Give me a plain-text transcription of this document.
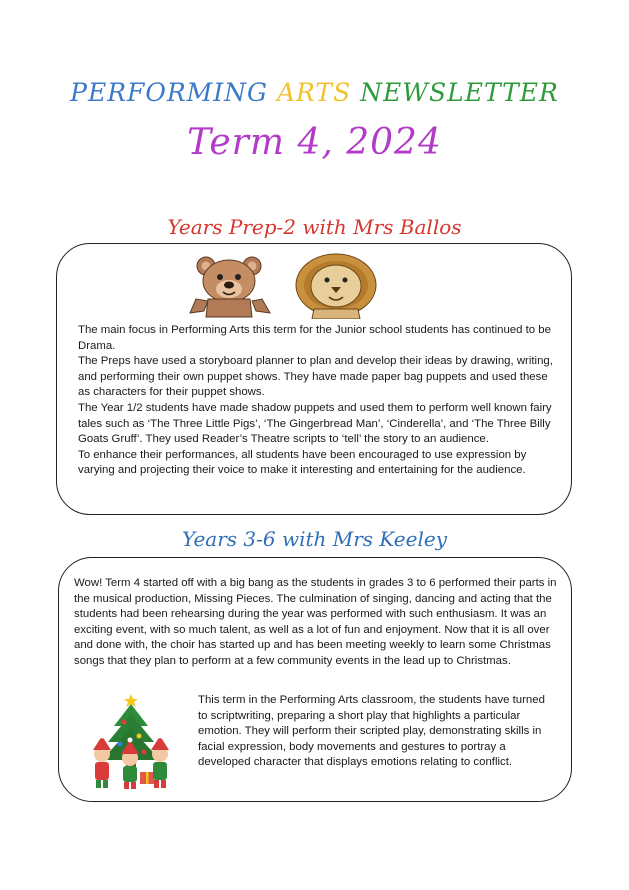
PERFORMING ARTS NEWSLETTER
Term 4, 2024
Years Prep-2 with Mrs Ballos

The main focus in Performing Arts this term for the Junior school students has continued to be Drama.

The Preps have used a storyboard planner to plan and develop their ideas by drawing, writing, and performing their own puppet shows. They have made paper bag puppets and used these as characters for their puppet shows.

The Year 1/2 students have made shadow puppets and used them to perform well known fairy tales such as ‘The Three Little Pigs’, ‘The Gingerbread Man’, ‘Cinderella’, and ‘The Three Billy Goats Gruff’. They used Reader’s Theatre scripts to ‘tell’ the story to an audience.

To enhance their performances, all students have been encouraged to use expression by varying and projecting their voice to make it interesting and entertaining for the audience.

Years 3-6 with Mrs Keeley

Wow! Term 4 started off with a big bang as the students in grades 3 to 6 performed their parts in the musical production, Missing Pieces. The culmination of singing, dancing and acting that the students had been rehearsing during the year was performed with such enthusiasm. It was an exciting event, with so much talent, as well as a lot of fun and enjoyment. Now that it is all over and done with, the choir has started up and has been meeting weekly to learn some Christmas songs that they plan to perform at a few community events in the lead up to Christmas.

This term in the Performing Arts classroom, the students have turned to scriptwriting, preparing a short play that highlights a particular emotion. They will perform their scripted play, demonstrating skills in facial expression, body movements and gestures to portray a developed character that displays emotions relating to conflict.
